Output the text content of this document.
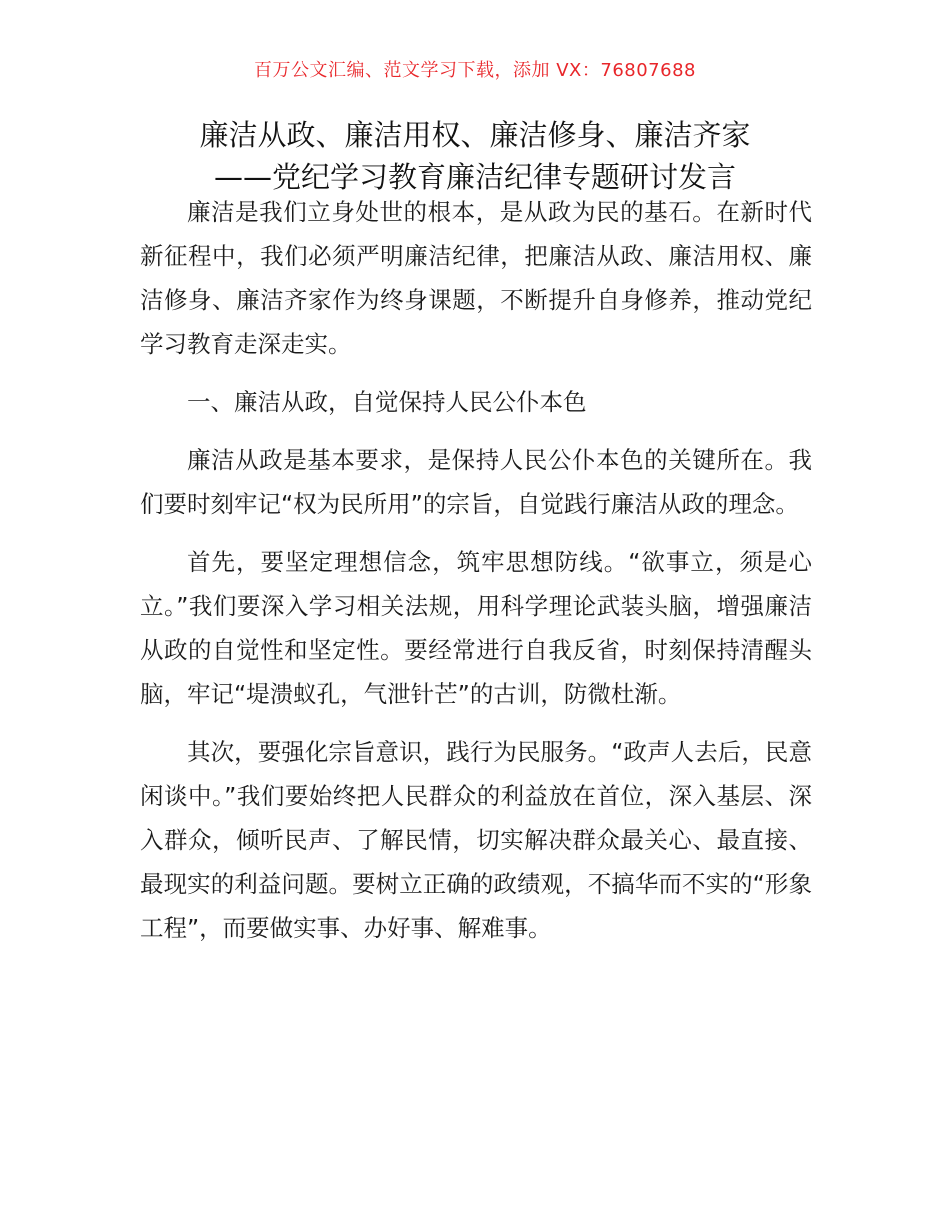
百万公文汇编、范文学习下载，添加 VX：76807688
廉洁从政、廉洁用权、廉洁修身、廉洁齐家
——党纪学习教育廉洁纪律专题研讨发言

廉洁是我们立身处世的根本，是从政为民的基石。在新时代新征程中，我们必须严明廉洁纪律，把廉洁从政、廉洁用权、廉洁修身、廉洁齐家作为终身课题，不断提升自身修养，推动党纪学习教育走深走实。

一、廉洁从政，自觉保持人民公仆本色

廉洁从政是基本要求，是保持人民公仆本色的关键所在。我们要时刻牢记“权为民所用”的宗旨，自觉践行廉洁从政的理念。

首先，要坚定理想信念，筑牢思想防线。“欲事立，须是心立。”我们要深入学习相关法规，用科学理论武装头脑，增强廉洁从政的自觉性和坚定性。要经常进行自我反省，时刻保持清醒头脑，牢记“堤溃蚁孔，气泄针芒”的古训，防微杜渐。

其次，要强化宗旨意识，践行为民服务。“政声人去后，民意闲谈中。”我们要始终把人民群众的利益放在首位，深入基层、深入群众，倾听民声、了解民情，切实解决群众最关心、最直接、最现实的利益问题。要树立正确的政绩观，不搞华而不实的“形象工程”，而要做实事、办好事、解难事。
